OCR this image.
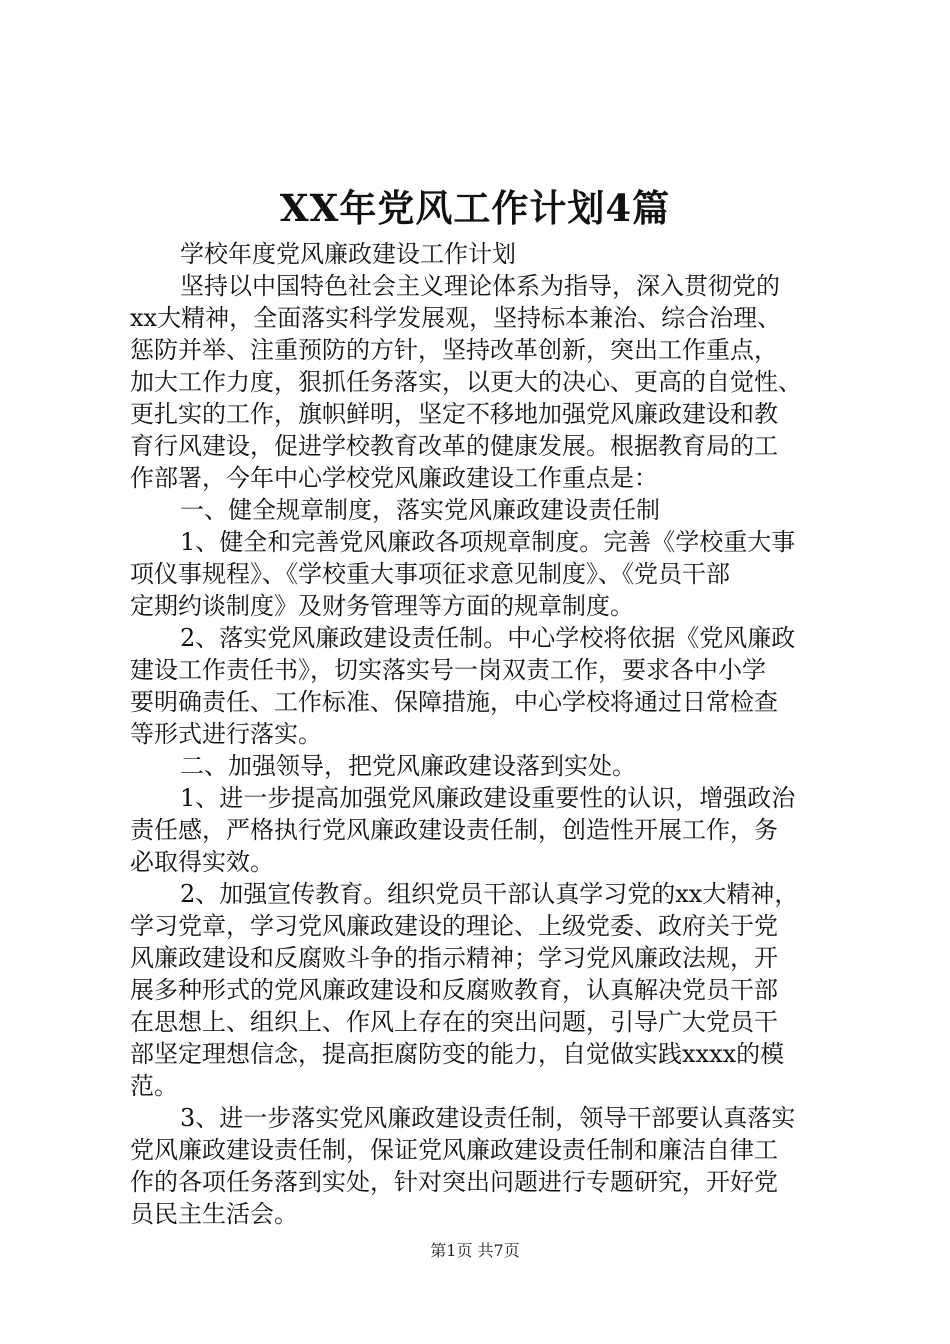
XX年党风工作计划4篇
学校年度党风廉政建设工作计划
坚持以中国特色社会主义理论体系为指导，深入贯彻党的
xx大精神，全面落实科学发展观，坚持标本兼治、综合治理、
惩防并举、注重预防的方针，坚持改革创新，突出工作重点，
加大工作力度，狠抓任务落实，以更大的决心、更高的自觉性、
更扎实的工作，旗帜鲜明，坚定不移地加强党风廉政建设和教
育行风建设，促进学校教育改革的健康发展。根据教育局的工
作部署，今年中心学校党风廉政建设工作重点是：
一、健全规章制度，落实党风廉政建设责任制
1、健全和完善党风廉政各项规章制度。完善《学校重大事
项仪事规程》、《学校重大事项征求意见制度》、《党员干部
定期约谈制度》及财务管理等方面的规章制度。
2、落实党风廉政建设责任制。中心学校将依据《党风廉政
建设工作责任书》，切实落实号一岗双责工作，要求各中小学
要明确责任、工作标准、保障措施，中心学校将通过日常检查
等形式进行落实。
二、加强领导，把党风廉政建设落到实处。
1、进一步提高加强党风廉政建设重要性的认识，增强政治
责任感，严格执行党风廉政建设责任制，创造性开展工作，务
必取得实效。
2、加强宣传教育。组织党员干部认真学习党的xx大精神，
学习党章，学习党风廉政建设的理论、上级党委、政府关于党
风廉政建设和反腐败斗争的指示精神；学习党风廉政法规，开
展多种形式的党风廉政建设和反腐败教育，认真解决党员干部
在思想上、组织上、作风上存在的突出问题，引导广大党员干
部坚定理想信念，提高拒腐防变的能力，自觉做实践xxxx的模
范。
3、进一步落实党风廉政建设责任制，领导干部要认真落实
党风廉政建设责任制，保证党风廉政建设责任制和廉洁自律工
作的各项任务落到实处，针对突出问题进行专题研究，开好党
员民主生活会。
第1页 共7页
